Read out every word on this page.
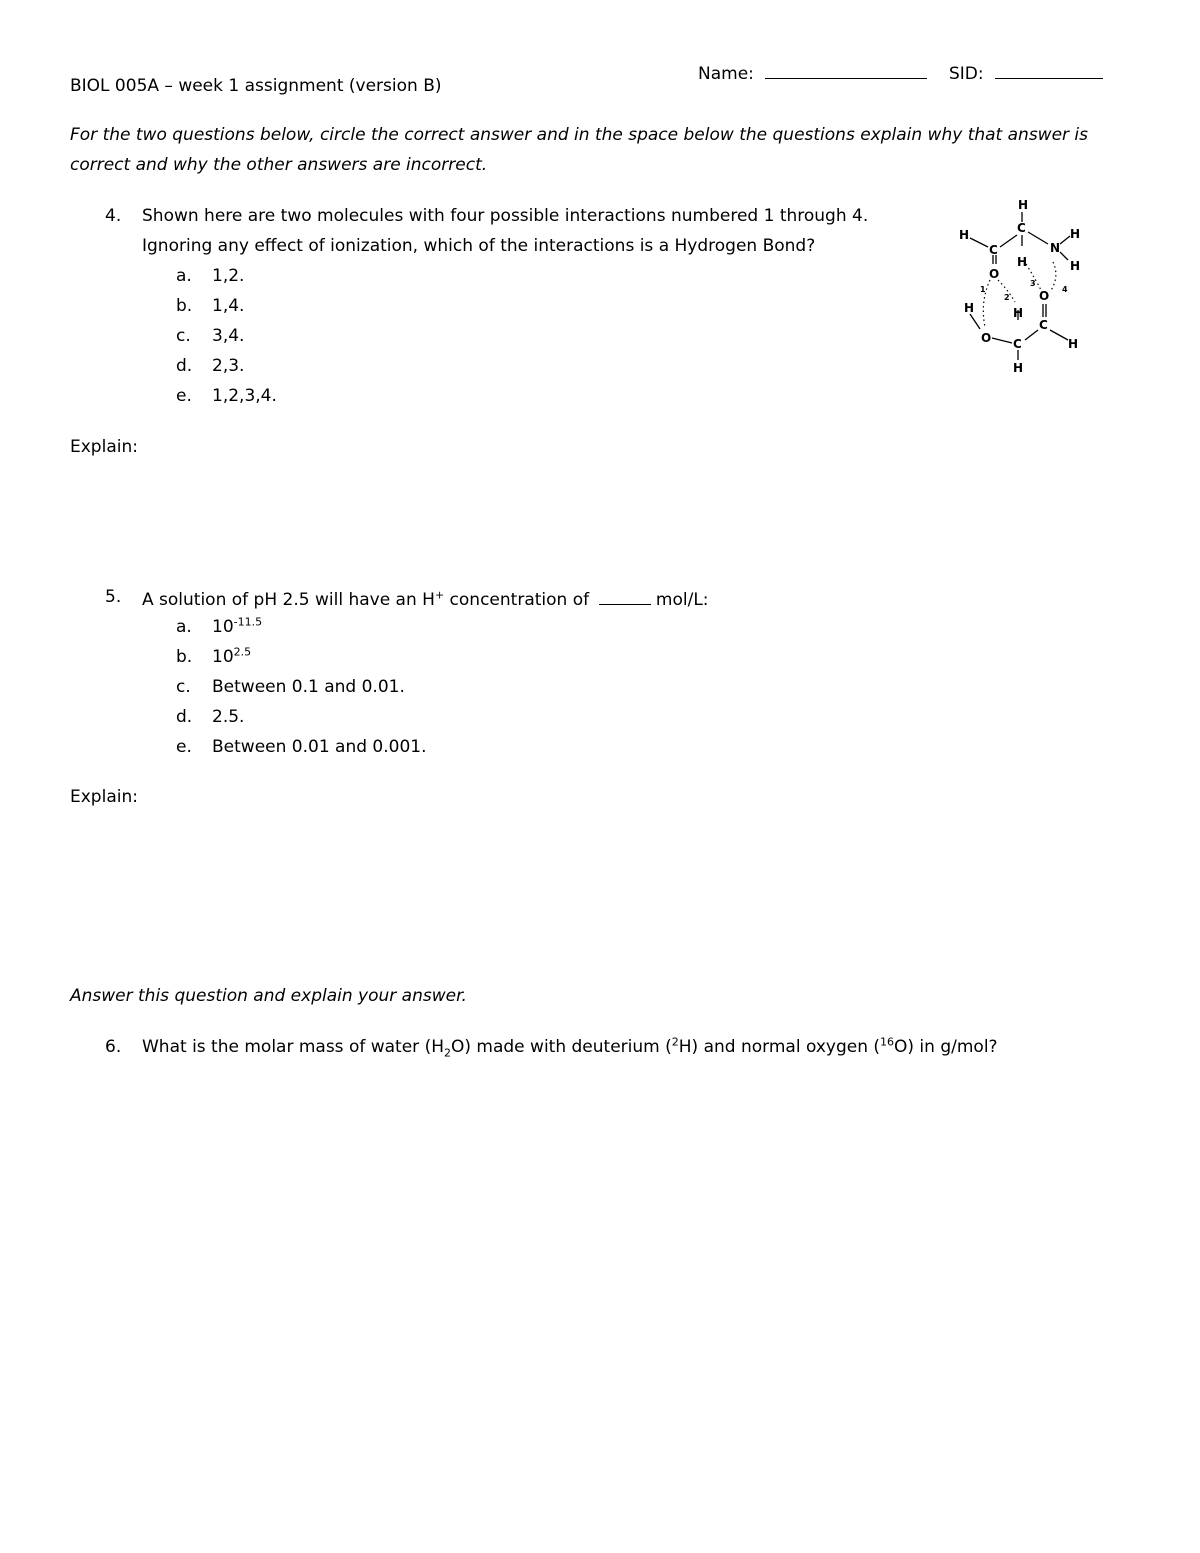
BIOL 005A – week 1 assignment (version B)
Name:	SID:
For the two questions below, circle the correct answer and in the space below the questions explain why that answer is
correct and why the other answers are incorrect.
4. Shown here are two molecules with four possible interactions numbered 1 through 4.
Ignoring any effect of ionization, which of the interactions is a Hydrogen Bond?
a. 1,2.
b. 1,4.
c. 3,4.
d. 2,3.
e. 1,2,3,4.
Explain:
H
C
H
C	N
H
H
H
O
O
H	H
C
O C	H
H
1
2
3
4
5. A solution of pH 2.5 will have an H+ concentration of	mol/L:
a. $10^{-11.5}$
b. $10^{2.5}$
c. Between 0.1 and 0.01.
d. 2.5.
e. Between 0.01 and 0.001.
Explain:
Answer this question and explain your answer.
6. What is the molar mass of water $(H_2O)$ made with deuterium ($^2$H) and normal oxygen ($^{16}$O) in g/mol?
